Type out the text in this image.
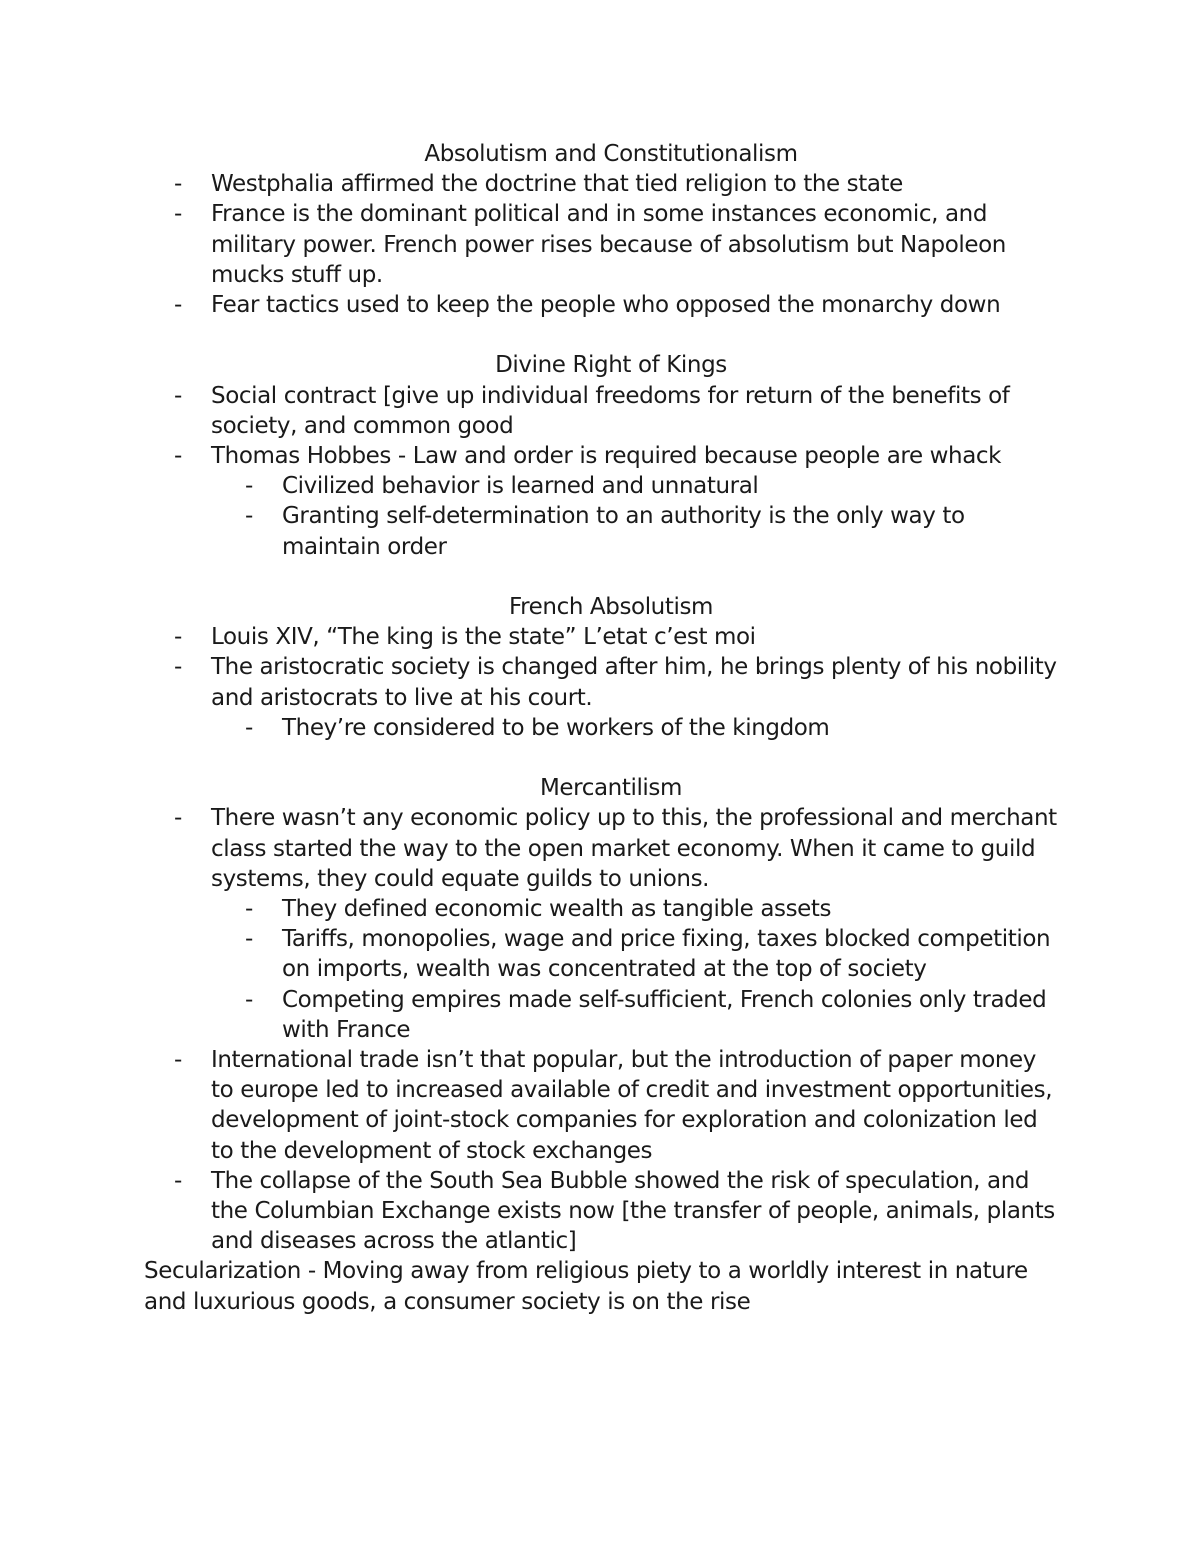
Absolutism and Constitutionalism

-	Westphalia affirmed the doctrine that tied religion to the state
-	France is the dominant political and in some instances economic, and military power. French power rises because of absolutism but Napoleon mucks stuff up.
-	Fear tactics used to keep the people who opposed the monarchy down

Divine Right of Kings

-	Social contract [give up individual freedoms for return of the benefits of society, and common good
-	Thomas Hobbes - Law and order is required because people are whack
-	Civilized behavior is learned and unnatural
-	Granting self-determination to an authority is the only way to maintain order

French Absolutism

-	Louis XIV, “The king is the state” L’etat c’est moi
-	The aristocratic society is changed after him, he brings plenty of his nobility and aristocrats to live at his court.
-	They’re considered to be workers of the kingdom

Mercantilism

-	There wasn’t any economic policy up to this, the professional and merchant class started the way to the open market economy. When it came to guild systems, they could equate guilds to unions.
-	They defined economic wealth as tangible assets
-	Tariffs, monopolies, wage and price fixing, taxes blocked competition on imports, wealth was concentrated at the top of society
-	Competing empires made self-sufficient, French colonies only traded with France
-	International trade isn’t that popular, but the introduction of paper money to europe led to increased available of credit and investment opportunities, development of joint-stock companies for exploration and colonization led to the development of stock exchanges
-	The collapse of the South Sea Bubble showed the risk of speculation, and the Columbian Exchange exists now [the transfer of people, animals, plants and diseases across the atlantic]

Secularization - Moving away from religious piety to a worldly interest in nature and luxurious goods, a consumer society is on the rise
